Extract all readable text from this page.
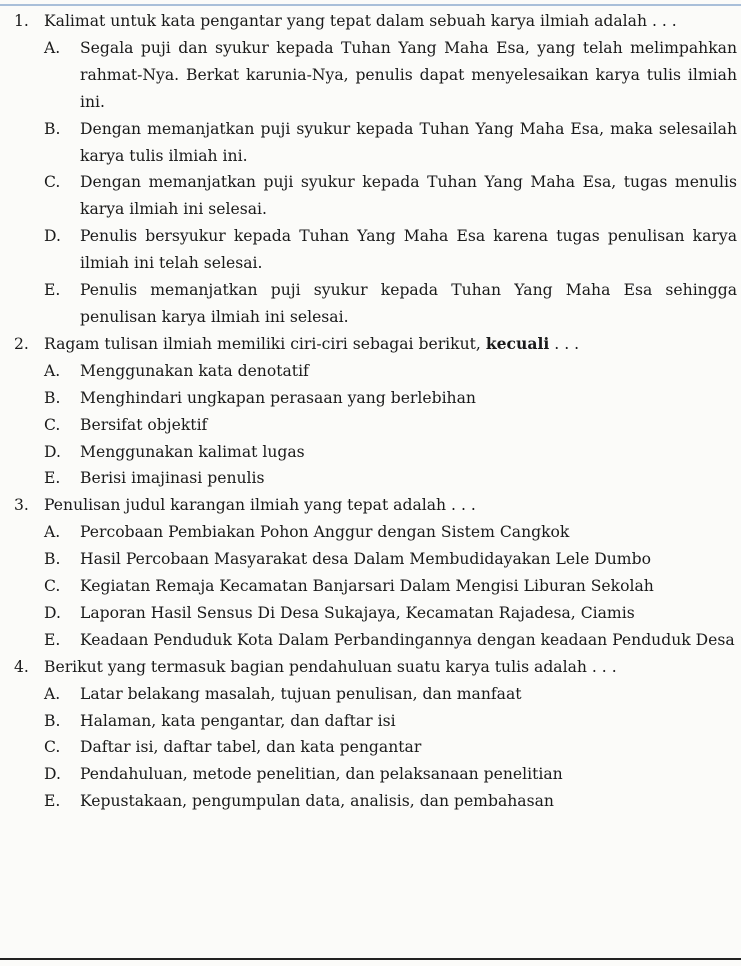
1. Kalimat untuk kata pengantar yang tepat dalam sebuah karya ilmiah adalah . . .
A. Segala puji dan syukur kepada Tuhan Yang Maha Esa, yang telah melimpahkan rahmat-Nya. Berkat karunia-Nya, penulis dapat menyelesaikan karya tulis ilmiah ini.
B. Dengan memanjatkan puji syukur kepada Tuhan Yang Maha Esa, maka selesailah karya tulis ilmiah ini.
C. Dengan memanjatkan puji syukur kepada Tuhan Yang Maha Esa, tugas menulis karya ilmiah ini selesai.
D. Penulis bersyukur kepada Tuhan Yang Maha Esa karena tugas penulisan karya ilmiah ini telah selesai.
E. Penulis memanjatkan puji syukur kepada Tuhan Yang Maha Esa sehingga penulisan karya ilmiah ini selesai.
2. Ragam tulisan ilmiah memiliki ciri-ciri sebagai berikut, kecuali . . .
A. Menggunakan kata denotatif
B. Menghindari ungkapan perasaan yang berlebihan
C. Bersifat objektif
D. Menggunakan kalimat lugas
E. Berisi imajinasi penulis
3. Penulisan judul karangan ilmiah yang tepat adalah . . .
A. Percobaan Pembiakan Pohon Anggur dengan Sistem Cangkok
B. Hasil Percobaan Masyarakat desa Dalam Membudidayakan Lele Dumbo
C. Kegiatan Remaja Kecamatan Banjarsari Dalam Mengisi Liburan Sekolah
D. Laporan Hasil Sensus Di Desa Sukajaya, Kecamatan Rajadesa, Ciamis
E. Keadaan Penduduk Kota Dalam Perbandingannya dengan keadaan Penduduk Desa
4. Berikut yang termasuk bagian pendahuluan suatu karya tulis adalah . . .
A. Latar belakang masalah, tujuan penulisan, dan manfaat
B. Halaman, kata pengantar, dan daftar isi
C. Daftar isi, daftar tabel, dan kata pengantar
D. Pendahuluan, metode penelitian, dan pelaksanaan penelitian
E. Kepustakaan, pengumpulan data, analisis, dan pembahasan
